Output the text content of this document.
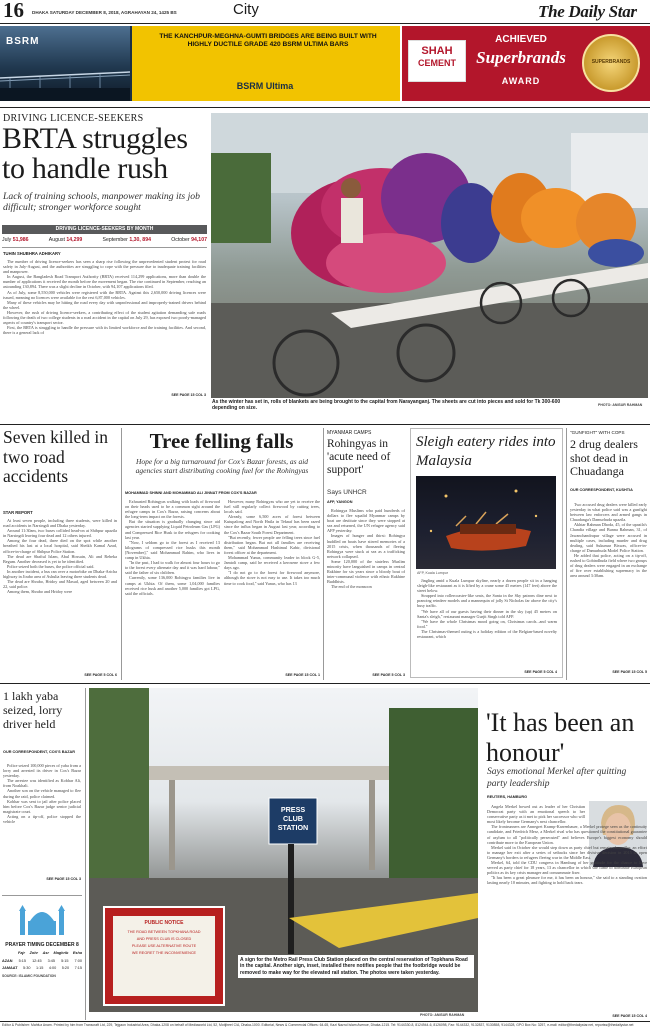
16 DHAKA SATURDAY DECEMBER 8, 2018, AGRAHAYAN 24, 1425 BS	City	The Daily Star
BSRM	THE KANCHPUR-MEGHNA-GUMTI BRIDGES ARE BEING BUILT WITH HIGHLY DUCTILE GRADE 420 BSRM ULTIMA BARS
BSRM Ultima
SHAH
CEMENT
ACHIEVED
Superbrands
AWARD
SUPERBRANDS
DRIVING LICENCE-SEEKERS
BRTA struggles to handle rush
Lack of training schools, manpower making its job difficult; stronger workforce sought
DRIVING LICENCE-SEEKERS BY MONTH
July 51,986	August 14,299	September 1,30, 894	October 94,107
TUHIN SHUBHRA ADHIKARY

The number of driving licence-seekers has seen a sharp rise following the unprecedented student protest for road safety in July-August, and the authorities are struggling to cope with the pressure due to inadequate training facilities and manpower.

In August, the Bangladesh Road Transport Authority (BRTA) received 114,299 applications, more than double the number of applications it received the month before the movement began. The rise continued in September, reaching an astounding 130,894. There was a slight decline in October, with 94,107 applications filed.

As of July, some 8,550,000 vehicles were registered with the BRTA. Against this 2,650,000 driving licences were issued, meaning no licences were available for the rest 6,87,000 vehicles.

Many of these vehicles may be hitting the road every day with unprofessional and improperly-trained drivers behind the wheel.

However, the rush of driving licence-seekers, a contributing effect of the student agitation demanding safe roads following the death of two college students in a road accident in the capital on July 29, has exposed two poorly-managed aspects of country's transport sector.

First, the BRTA is struggling to handle the pressure with its limited workforce and the training facilities. And second, there is a general lack of

SEE PAGE 15 COL 3
As the winter has set in, rolls of blankets are being brought to the capital from Narayanganj. The sheets are cut into pieces and sold for Tk 300-600 depending on size.
PHOTO: ANISUR RAHMAN
Seven killed in two road accidents
STAR REPORT

At least seven people, including three students, were killed in road accidents in Narsingdi and Dhaka yesterday.

Around 11:30am, two buses collided head-on at Shibpur upazila in Narsingdi leaving four dead and 12 others injured.

Among the four dead, three died on the spot while another breathed his last at a local hospital, said Sheikh Kamal Azad, officer-in-charge of Shibpur Police Station.

The dead are Shafiul Islam, Abul Hossain, Ali and Rebeka Begum. Another deceased is yet to be identified.

Police seized both the buses, the police official said.

In another incident, a bus ran over a motorbike on Dhaka-Aricha highway in Jirabo area of Ashulia leaving three students dead.

The dead are Shrabo, Hridoy and Masud, aged between 20 and 22, said police.

Among them, Shrabo and Hridoy were

SEE PAGE 5 COL 6
Tree felling falls
Hope for a big turnaround for Cox's Bazar forests, as aid agencies start distributing cooking fuel for the Rohingyas
MOHAMMAD SHINNI AND MOHAMMAD ALI JINNAT FROM COX'S BAZAR

Exhausted Rohingyas walking with loads of firewood on their heads used to be a common sight around the refugee camps in Cox's Bazar, raising concerns about the long-term impact on the forests.

But the situation is gradually changing since aid agencies started supplying Liquid Petroleum Gas (LPG) and Compressed Rice Husk to the refugees for cooking last year.

"Now, I seldom go to the forest as I received 13 kilograms of compressed rice husks this month [November]," said Mohammad Rahim, who lives in camp in Ukhia.

"In the past, I had to walk for almost four hours to go to the forest every alternate day and it was hard labour," said the father of six children.

Currently, some 136,000 Rohingya families live in camps at Ukhia. Of them, some 1,04,000 families received rice husk and another 5,000 families got LPG, said the officials.

However, many Rohingyas who are yet to receive the fuel still regularly collect firewood by cutting trees, locals said.

Already, some 6,500 acres of forest between Kutupalong and North Hnila in Teknaf has been razed since the influx began in August last year, according to the Cox's Bazar South Forest Department.

"But recently, fewer people are felling trees since fuel distribution began. But not all families are receiving them," said Mohammad Hashimul Kabir, divisional forest officer at the department.

Mohammad Yunus, community leader in block G-5, Jamtoli camp, said he received a kerosene stove a few days ago.

"I do not go to the forest for firewood anymore, although the stove is not easy to use. It takes too much time to cook food," said Yunus, who has 13

SEE PAGE 15 COL 1
MYANMAR CAMPS
Rohingyas in 'acute need of support'
Says UNHCR
AFP, YANGON

Rohingya Muslims who paid hundreds of dollars to flee squalid Myanmar camps by boat are destitute since they were stopped at sea and returned, the UN refugee agency said AFP yesterday.

Images of hunger and thirst: Rohingya huddled on boats have stirred memories of a 2015 crisis, when thousands of fleeing Rohingya were stuck at sea as a trafficking network collapsed.

Some 120,000 of the stateless Muslim minority have languished in camps in central Rakhine for six years since a bloody bout of inter-communal violence with ethnic Rakhine Buddhists.

The end of the monsoon

SEE PAGE 5 COL 3
Sleigh eatery rides into Malaysia
AFP, Kuala Lumpur

Jingling amid a Kuala Lumpur skyline, nearly a dozen people sit in a hanging sleigh-like restaurant as it is lifted by a crane some 45 metres (147 feet) above the street below.

Strapped into rollercoaster-like seats, the Santa in the Sky patrons dine next to prancing reindeer models and a mannequin of jolly St Nicholas far above the city's busy traffic.

"We have all of our guests having their dinner in the sky (up) 45 metres on Santa's sleigh," restaurant manager Gurjit Singh told AFP.

"We have the whole Christmas mood going on, Christmas carols...and warm food."

The Christmas-themed outing is a holiday edition of the Belgian-based novelty restaurant, which

SEE PAGE 5 COL 4
"GUNFIGHT" WITH COPS
2 drug dealers shot dead in Chuadanga
OUR CORRESPONDENT, KUSHTIA

Two accused drug dealers were killed early yesterday in what police said was a gunfight between law enforcers and armed gangs in Chuadanga's Damurhuda upazila.

Akhtar Rahman Dhoda, 45, of the upazila's Chandia village and Bunna Rahman, 31, of Jawanchandrapur village were accused in multiple cases, including murder and drug dealing, said Sukumar Biswas, officer-in-charge of Damurhuda Model Police Station.

He added that police, acting on a tip-off, rushed to Gobindhuda field where two groups of drug dealers were engaged in an exchange of fire over establishing supremacy in the area around 3:30am.

SEE PAGE 15 COL 5
1 lakh yaba seized, lorry driver held
OUR CORRESPONDENT, COX'S BAZAR

Police seized 100,000 pieces of yaba from a lorry and arrested its driver in Cox's Bazar yesterday.

The arrestee was identified as Kobhar Ali, from Noakhali.

Another son on the vehicle managed to flee during the raid, police claimed.

Kobhar was sent to jail after police placed him before Cox's Bazar judge senior judicial magistrate court.

Acting on a tip-off, police stopped the vehicle

SEE PAGE 15 COL 3
PRAYER TIMING DECEMBER 8
Fajr Zohr Asr Maghrib Esha
AZAN 5:15 12:45 3:45 5:15 7:00
JAMAAT 5:30 1:15 4:00 5:20 7:15
SOURCE: ISLAMIC FOUNDATION
PRESS CLUB STATION
PUBLIC NOTICE
THE ROAD BETWEEN TOPKHANA ROAD
AND PRESS CLUB IS CLOSED
PLEASE USE ALTERNATIVE ROUTE
WE REGRET THE INCONVENIENCE
A sign for the Metro Rail Press Club Station placed on the central reservation of Topkhana Road in the capital. Another sign, inset, installed there notifies people that the footbridge would be removed to make way for the elevated rail station. The photos were taken yesterday.
PHOTO: ANISUR RAHMAN
'It has been an honour'
Says emotional Merkel after quitting party leadership
REUTERS, HAMBURG

Angela Merkel bowed out as leader of her Christian Democrat party with an emotional speech to her conservative party as it met to pick her successor who will most likely become Germany's next chancellor.

The frontrunners are Annegret Kramp-Karrenbauer, a Merkel protege seen as the continuity candidate, and Friedrich Merz, a Merkel rival who has questioned the constitutional guarantee of asylum to all "politically persecuted" and believes Europe's biggest economy should contribute more to the European Union.

Merkel said in October she would step down as party chief but remain chancellor, an effort to manage her exit after a series of setbacks since her divisive decision in 2015 to open Germany's borders to refugees fleeing war in the Middle East.

Merkel, 64, told the CDU congress in Hamburg of her gratitude for the chance to have served as party chief for 18 years, 13 as chancellor in which she came to dominate European politics as its key crisis manager and consummate fixer.

"It has been a great pleasure for me, it has been an honour," she said to a standing ovation lasting nearly 10 minutes, and fighting to hold back tears.

SEE PAGE 15 COL 4
Editor & Publisher: Mahfuz Anam. Printed by him from Transcraft Ltd, 229, Tejgaon Industrial Area, Dhaka-1208 on behalf of Mediaworld Ltd, 52, Motijheel C/A, Dhaka-1000. Editorial, News & Commercial Offices: 64-65, Kazi Nazrul Islam Avenue, Dhaka-1215. Tel: 9144330-8, 8124944-6, 8126098, Fax: 9144332, 9132837, 9130858, 9144328, GPO Box No: 3257, e-mail: editor@thedailystar.net, reportss@thedailystar.net
